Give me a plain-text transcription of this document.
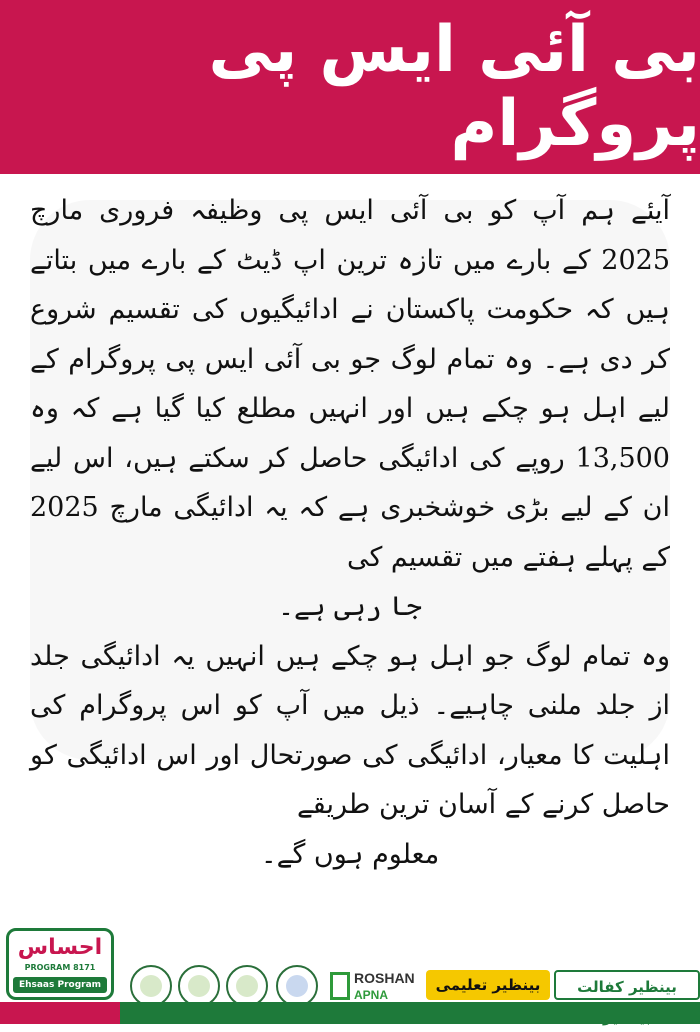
بی آئی ایس پی پروگرام

آیئے ہم آپ کو بی آئی ایس پی وظیفہ فروری مارچ 2025 کے بارے میں تازہ ترین اپ ڈیٹ کے بارے میں بتاتے ہیں کہ حکومت پاکستان نے ادائیگیوں کی تقسیم شروع کر دی ہے۔ وہ تمام لوگ جو بی آئی ایس پی پروگرام کے لیے اہل ہو چکے ہیں اور انہیں مطلع کیا گیا ہے کہ وہ 13,500 روپے کی ادائیگی حاصل کر سکتے ہیں، اس لیے ان کے لیے بڑی خوشخبری ہے کہ یہ ادائیگی مارچ 2025 کے پہلے ہفتے میں تقسیم کی

جا رہی ہے۔

وہ تمام لوگ جو اہل ہو چکے ہیں انہیں یہ ادائیگی جلد از جلد ملنی چاہیے۔ ذیل میں آپ کو اس پروگرام کی اہلیت کا معیار، ادائیگی کی صورتحال اور اس ادائیگی کو حاصل کرنے کے آسان ترین طریقے

معلوم ہوں گے۔

احساس
PROGRAM 8171
Ehsaas Program	ROSHAN
APNA
بینظیر تعلیمی	بینظیر کفالت
